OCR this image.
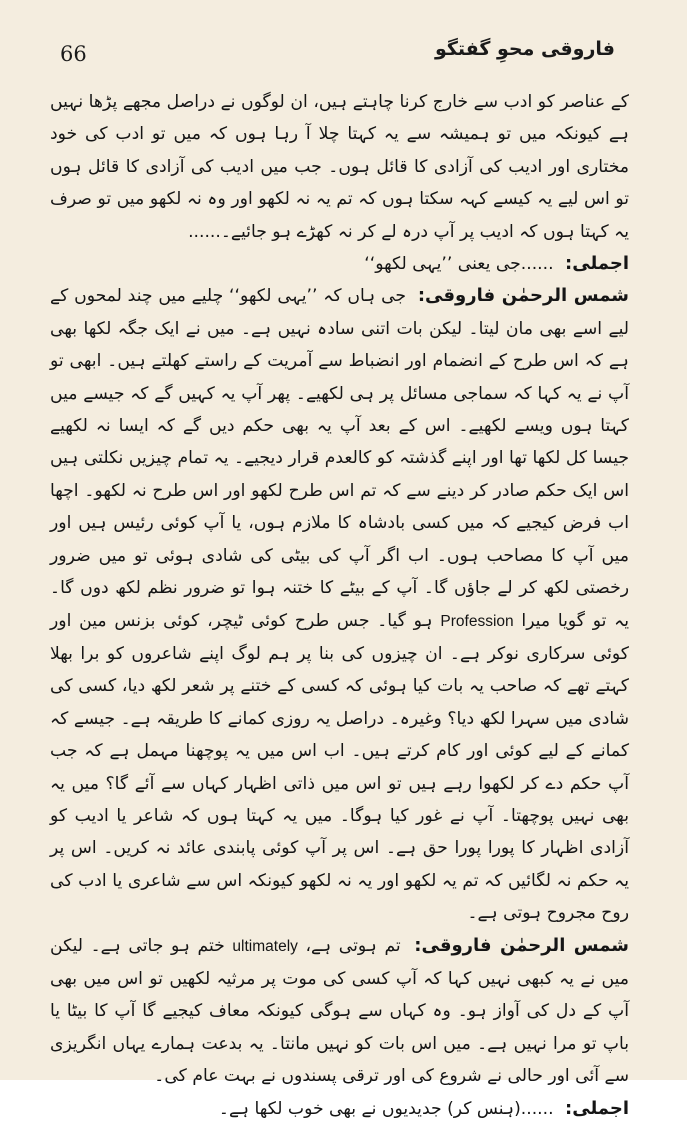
66	فاروقی محوِ گفتگو

کے عناصر کو ادب سے خارج کرنا چاہتے ہیں، ان لوگوں نے دراصل مجھے پڑھا نہیں ہے کیونکہ میں تو ہمیشہ سے یہ کہتا چلا آ رہا ہوں کہ میں تو ادب کی خود مختاری اور ادیب کی آزادی کا قائل ہوں۔ جب میں ادیب کی آزادی کا قائل ہوں تو اس لیے یہ کیسے کہہ سکتا ہوں کہ تم یہ نہ لکھو اور وہ نہ لکھو میں تو صرف یہ کہتا ہوں کہ ادیب پر آپ درہ لے کر نہ کھڑے ہو جائیے۔......

اجملی: ......جی یعنی ’’یہی لکھو‘‘

شمس الرحمٰن فاروقی: جی ہاں کہ ’’یہی لکھو‘‘ چلیے میں چند لمحوں کے لیے اسے بھی مان لیتا۔ لیکن بات اتنی سادہ نہیں ہے۔ میں نے ایک جگہ لکھا بھی ہے کہ اس طرح کے انضمام اور انضباط سے آمریت کے راستے کھلتے ہیں۔ ابھی تو آپ نے یہ کہا کہ سماجی مسائل پر ہی لکھیے۔ پھر آپ یہ کہیں گے کہ جیسے میں کہتا ہوں ویسے لکھیے۔ اس کے بعد آپ یہ بھی حکم دیں گے کہ ایسا نہ لکھیے جیسا کل لکھا تھا اور اپنے گذشتہ کو کالعدم قرار دیجیے۔ یہ تمام چیزیں نکلتی ہیں اس ایک حکم صادر کر دینے سے کہ تم اس طرح لکھو اور اس طرح نہ لکھو۔ اچھا اب فرض کیجیے کہ میں کسی بادشاہ کا ملازم ہوں، یا آپ کوئی رئیس ہیں اور میں آپ کا مصاحب ہوں۔ اب اگر آپ کی بیٹی کی شادی ہوئی تو میں ضرور رخصتی لکھ کر لے جاؤں گا۔ آپ کے بیٹے کا ختنہ ہوا تو ضرور نظم لکھ دوں گا۔ یہ تو گویا میرا Profession ہو گیا۔ جس طرح کوئی ٹیچر، کوئی بزنس مین اور کوئی سرکاری نوکر ہے۔ ان چیزوں کی بنا پر ہم لوگ اپنے شاعروں کو برا بھلا کہتے تھے کہ صاحب یہ بات کیا ہوئی کہ کسی کے ختنے پر شعر لکھ دیا، کسی کی شادی میں سہرا لکھ دیا؟ وغیرہ۔ دراصل یہ روزی کمانے کا طریقہ ہے۔ جیسے کہ کمانے کے لیے کوئی اور کام کرتے ہیں۔ اب اس میں یہ پوچھنا مہمل ہے کہ جب آپ حکم دے کر لکھوا رہے ہیں تو اس میں ذاتی اظہار کہاں سے آئے گا؟ میں یہ بھی نہیں پوچھتا۔ آپ نے غور کیا ہوگا۔ میں یہ کہتا ہوں کہ شاعر یا ادیب کو آزادی اظہار کا پورا پورا حق ہے۔ اس پر آپ کوئی پابندی عائد نہ کریں۔ اس پر یہ حکم نہ لگائیں کہ تم یہ لکھو اور یہ نہ لکھو کیونکہ اس سے شاعری یا ادب کی روح مجروح ہوتی ہے۔

شمس الرحمٰن فاروقی: تم ہوتی ہے، ultimately ختم ہو جاتی ہے۔ لیکن میں نے یہ کبھی نہیں کہا کہ آپ کسی کی موت پر مرثیہ لکھیں تو اس میں بھی آپ کے دل کی آواز ہو۔ وہ کہاں سے ہوگی کیونکہ معاف کیجیے گا آپ کا بیٹا یا باپ تو مرا نہیں ہے۔ میں اس بات کو نہیں مانتا۔ یہ بدعت ہمارے یہاں انگریزی سے آئی اور حالی نے شروع کی اور ترقی پسندوں نے بہت عام کی۔

اجملی: ......(ہنس کر) جدیدیوں نے بھی خوب لکھا ہے۔
